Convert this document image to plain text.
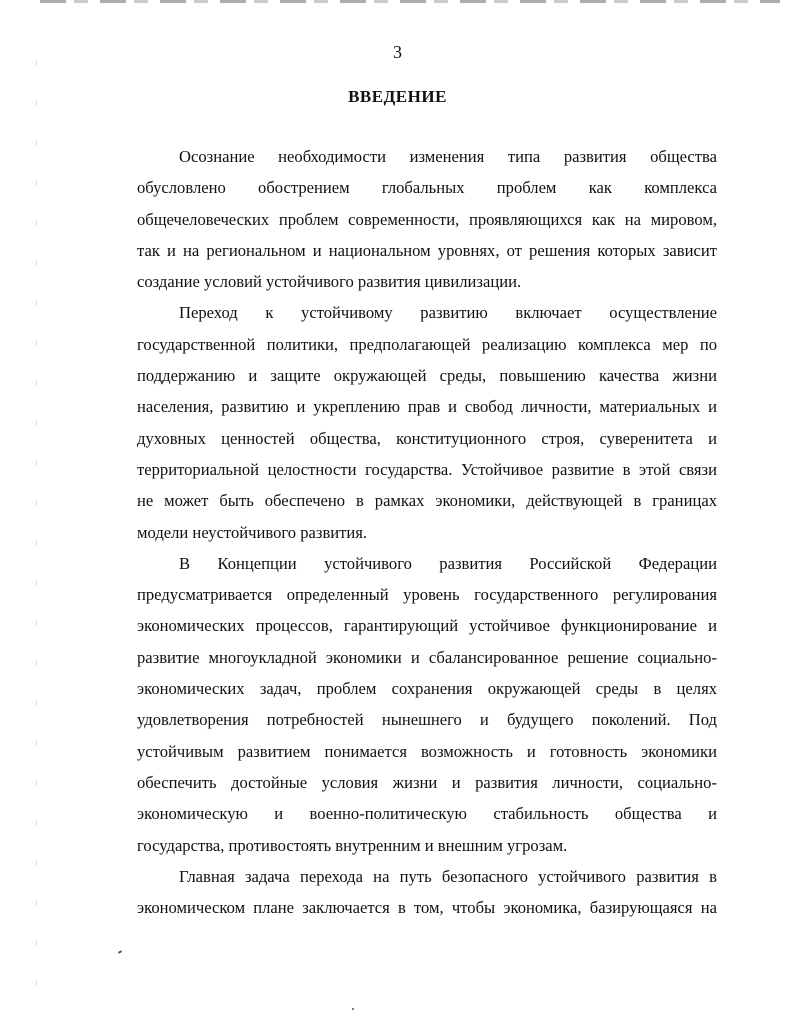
3
ВВЕДЕНИЕ
Осознание необходимости изменения типа развития общества
обусловлено обострением глобальных проблем как комплекса
общечеловеческих проблем современности, проявляющихся как на мировом,
так и на региональном и национальном уровнях, от решения которых зависит
создание условий устойчивого развития цивилизации.
Переход к устойчивому развитию включает осуществление
государственной политики, предполагающей реализацию комплекса мер по
поддержанию и защите окружающей среды, повышению качества жизни
населения, развитию и укреплению прав и свобод личности, материальных и
духовных ценностей общества, конституционного строя, суверенитета и
территориальной целостности государства. Устойчивое развитие в этой связи
не может быть обеспечено в рамках экономики, действующей в границах
модели неустойчивого развития.
В Концепции устойчивого развития Российской Федерации
предусматривается определенный уровень государственного регулирования
экономических процессов, гарантирующий устойчивое функционирование и
развитие многоукладной экономики и сбалансированное решение социально-
экономических задач, проблем сохранения окружающей среды в целях
удовлетворения потребностей нынешнего и будущего поколений. Под
устойчивым развитием понимается возможность и готовность экономики
обеспечить достойные условия жизни и развития личности, социально-
экономическую и военно-политическую стабильность общества и
государства, противостоять внутренним и внешним угрозам.
Главная задача перехода на путь безопасного устойчивого развития в
экономическом плане заключается в том, чтобы экономика, базирующаяся на
